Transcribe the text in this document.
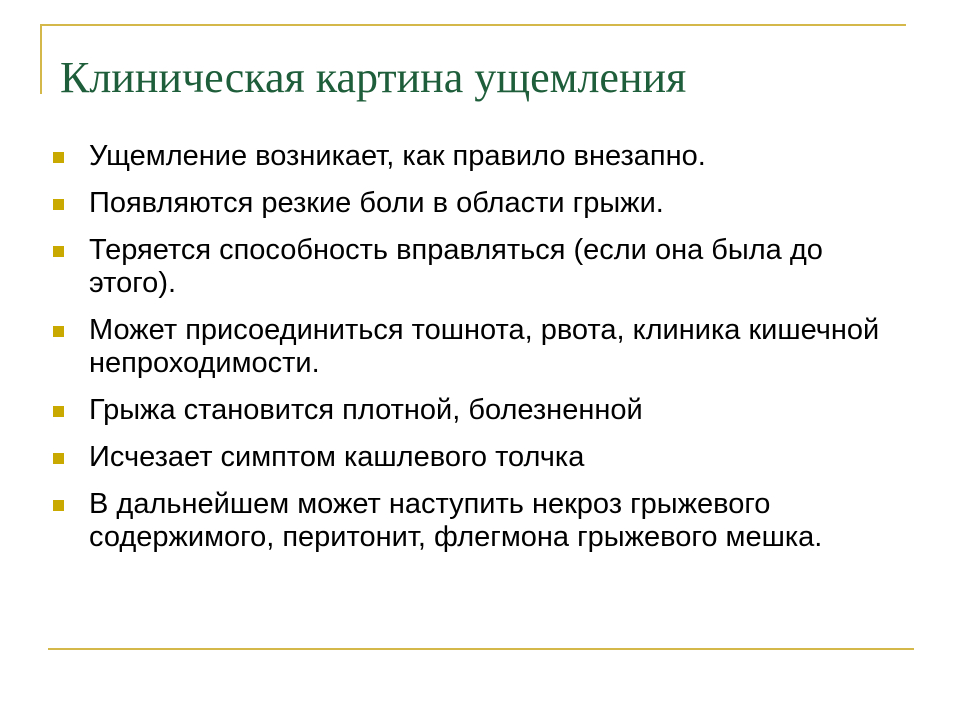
Клиническая картина ущемления
Ущемление возникает, как правило внезапно.
Появляются резкие боли в области грыжи.
Теряется способность вправляться (если она была до этого).
Может присоединиться тошнота, рвота, клиника кишечной непроходимости.
Грыжа становится плотной, болезненной
Исчезает симптом кашлевого толчка
В дальнейшем может наступить некроз грыжевого содержимого, перитонит, флегмона грыжевого мешка.
